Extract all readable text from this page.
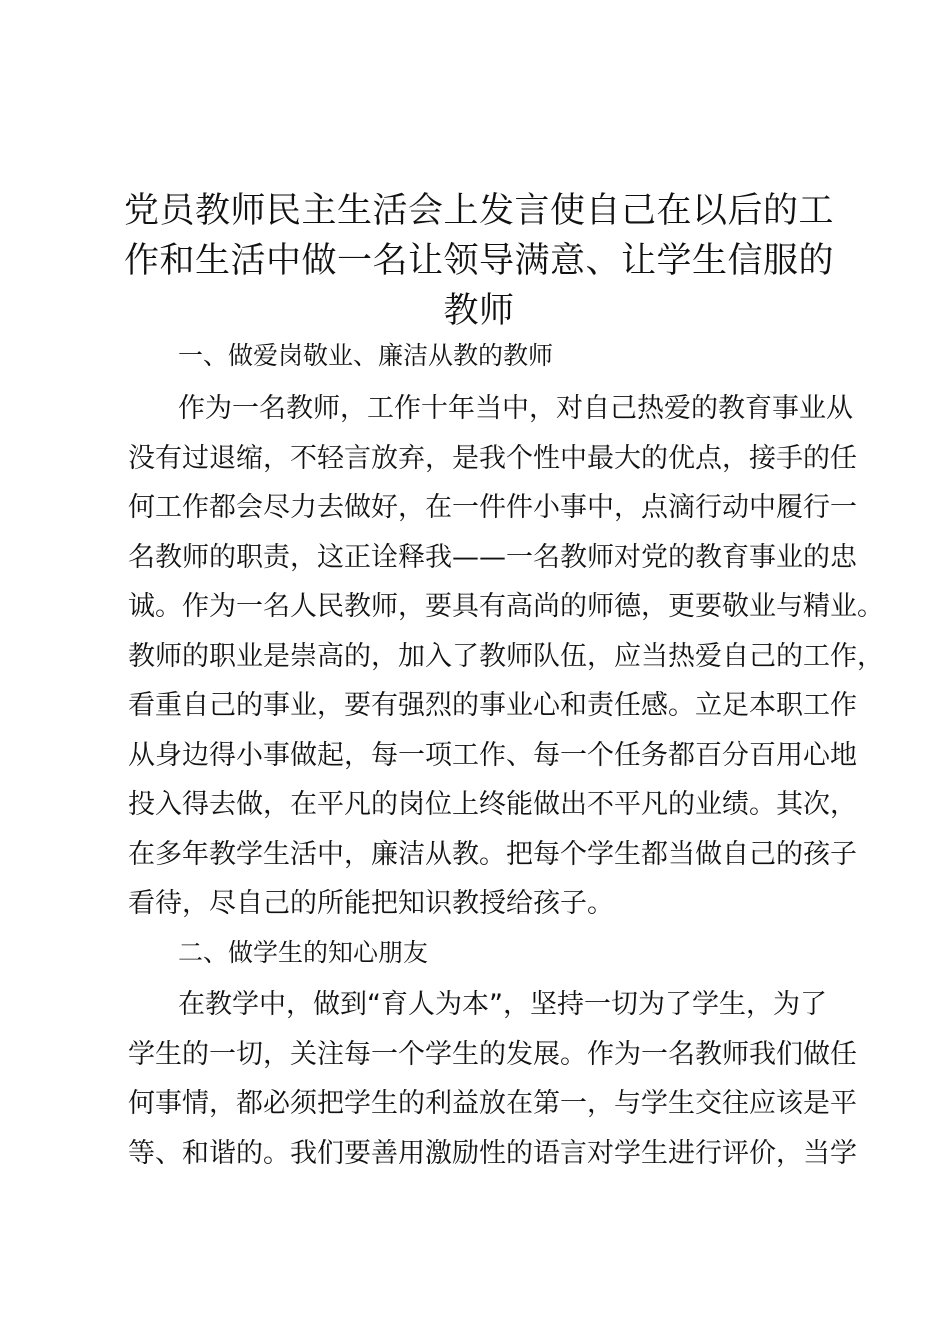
党员教师民主生活会上发言使自己在以后的工
作和生活中做一名让领导满意、让学生信服的
教师
一、做爱岗敬业、廉洁从教的教师

作为一名教师，工作十年当中，对自己热爱的教育事业从
没有过退缩，不轻言放弃，是我个性中最大的优点，接手的任
何工作都会尽力去做好，在一件件小事中，点滴行动中履行一
名教师的职责，这正诠释我——一名教师对党的教育事业的忠
诚。作为一名人民教师，要具有高尚的师德，更要敬业与精业。
教师的职业是崇高的，加入了教师队伍，应当热爱自己的工作，
看重自己的事业，要有强烈的事业心和责任感。立足本职工作
从身边得小事做起，每一项工作、每一个任务都百分百用心地
投入得去做，在平凡的岗位上终能做出不平凡的业绩。其次，
在多年教学生活中，廉洁从教。把每个学生都当做自己的孩子
看待，尽自己的所能把知识教授给孩子。

二、做学生的知心朋友

在教学中，做到“育人为本”，坚持一切为了学生，为了
学生的一切，关注每一个学生的发展。作为一名教师我们做任
何事情，都必须把学生的利益放在第一，与学生交往应该是平
等、和谐的。我们要善用激励性的语言对学生进行评价，当学
